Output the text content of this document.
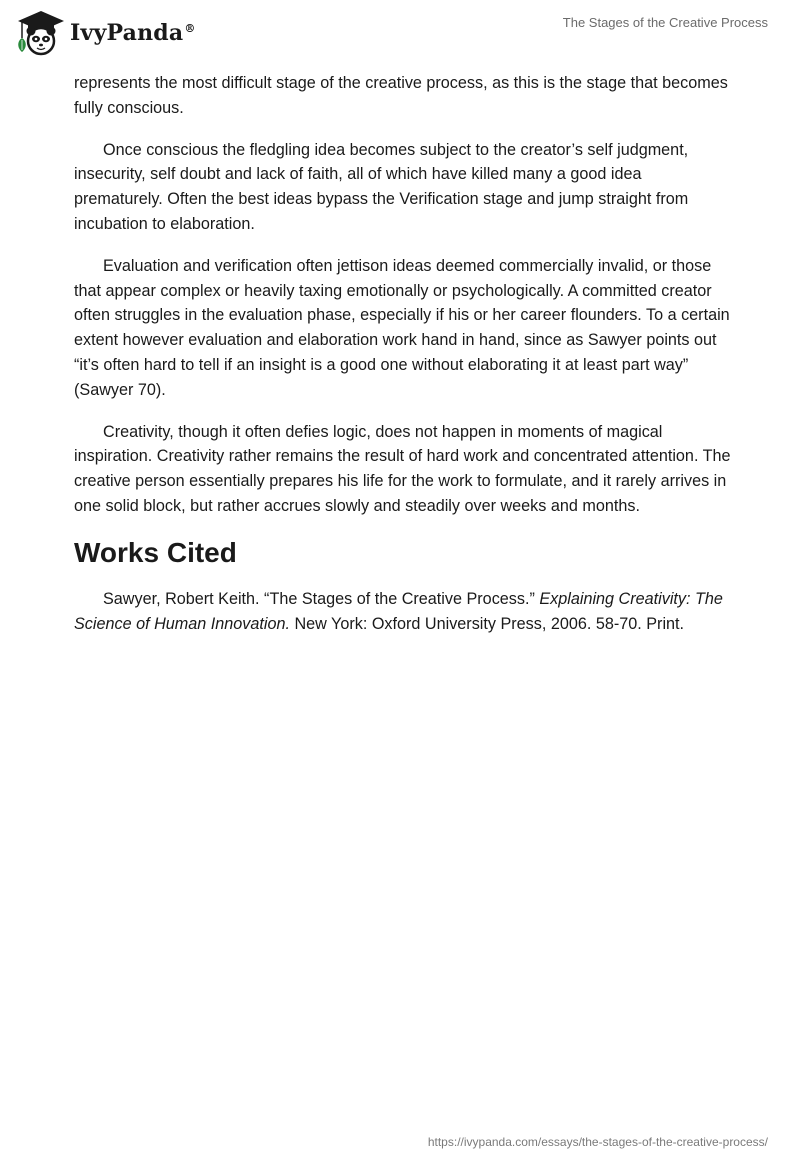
IvyPanda®	The Stages of the Creative Process

represents the most difficult stage of the creative process, as this is the stage that becomes fully conscious.

Once conscious the fledgling idea becomes subject to the creator’s self judgment, insecurity, self doubt and lack of faith, all of which have killed many a good idea prematurely. Often the best ideas bypass the Verification stage and jump straight from incubation to elaboration.

Evaluation and verification often jettison ideas deemed commercially invalid, or those that appear complex or heavily taxing emotionally or psychologically. A committed creator often struggles in the evaluation phase, especially if his or her career flounders. To a certain extent however evaluation and elaboration work hand in hand, since as Sawyer points out “it’s often hard to tell if an insight is a good one without elaborating it at least part way” (Sawyer 70).

Creativity, though it often defies logic, does not happen in moments of magical inspiration. Creativity rather remains the result of hard work and concentrated attention. The creative person essentially prepares his life for the work to formulate, and it rarely arrives in one solid block, but rather accrues slowly and steadily over weeks and months.

Works Cited

Sawyer, Robert Keith. “The Stages of the Creative Process.” Explaining Creativity: The Science of Human Innovation. New York: Oxford University Press, 2006. 58-70. Print.

https://ivypanda.com/essays/the-stages-of-the-creative-process/
